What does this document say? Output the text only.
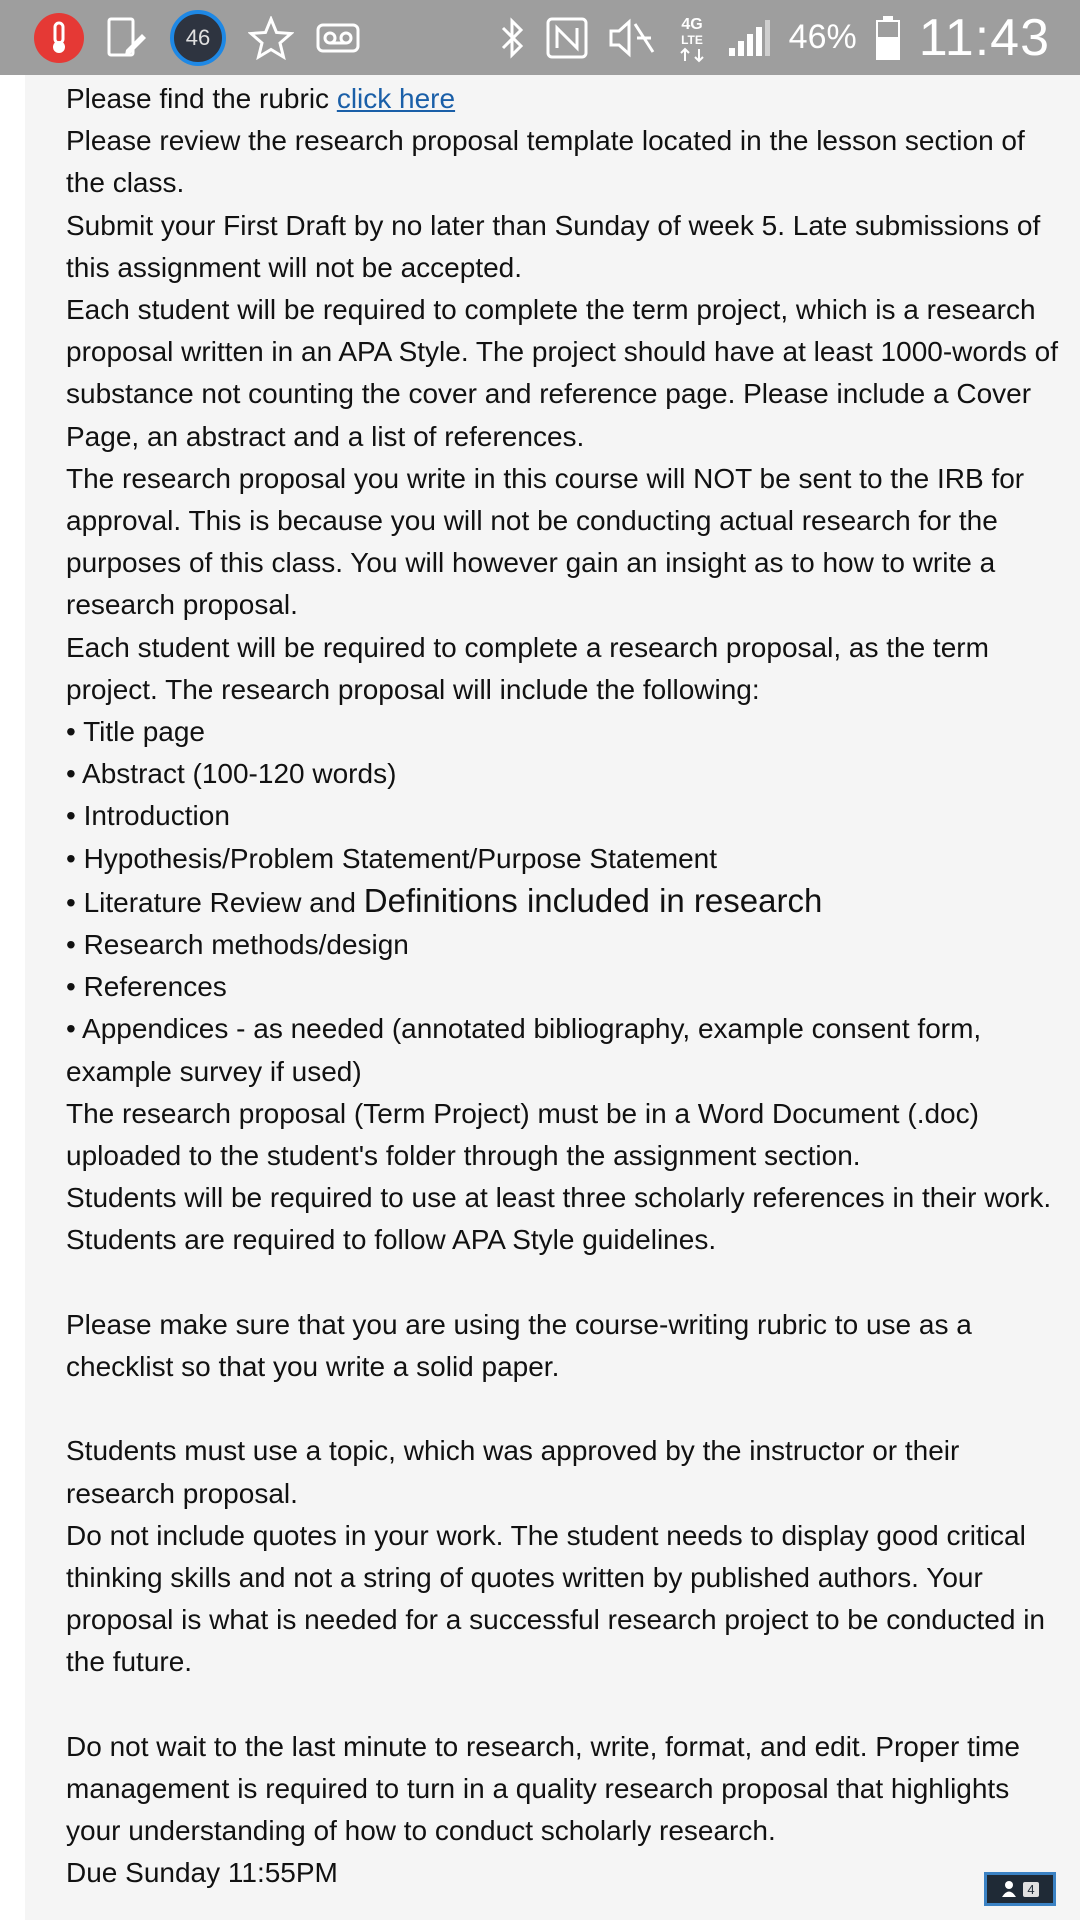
46
4G
LTE	46% 11:43

Please find the rubric click here

Please review the research proposal template located in the lesson section of the class.

Submit your First Draft by no later than Sunday of week 5. Late submissions of this assignment will not be accepted.

Each student will be required to complete the term project, which is a research proposal written in an APA Style. The project should have at least 1000-words of substance not counting the cover and reference page. Please include a Cover Page, an abstract and a list of references.

The research proposal you write in this course will NOT be sent to the IRB for approval. This is because you will not be conducting actual research for the purposes of this class. You will however gain an insight as to how to write a research proposal.

Each student will be required to complete a research proposal, as the term project. The research proposal will include the following:

• Title page

• Abstract (100-120 words)

• Introduction

• Hypothesis/Problem Statement/Purpose Statement

• Literature Review and Definitions included in research

• Research methods/design

• References

• Appendices - as needed (annotated bibliography, example consent form, example survey if used)

The research proposal (Term Project) must be in a Word Document (.doc) uploaded to the student's folder through the assignment section.

Students will be required to use at least three scholarly references in their work.

Students are required to follow APA Style guidelines.

Please make sure that you are using the course-writing rubric to use as a checklist so that you write a solid paper.

Students must use a topic, which was approved by the instructor or their research proposal.

Do not include quotes in your work. The student needs to display good critical thinking skills and not a string of quotes written by published authors. Your proposal is what is needed for a successful research project to be conducted in the future.

Do not wait to the last minute to research, write, format, and edit. Proper time management is required to turn in a quality research proposal that highlights your understanding of how to conduct scholarly research.

Due Sunday 11:55PM

4
